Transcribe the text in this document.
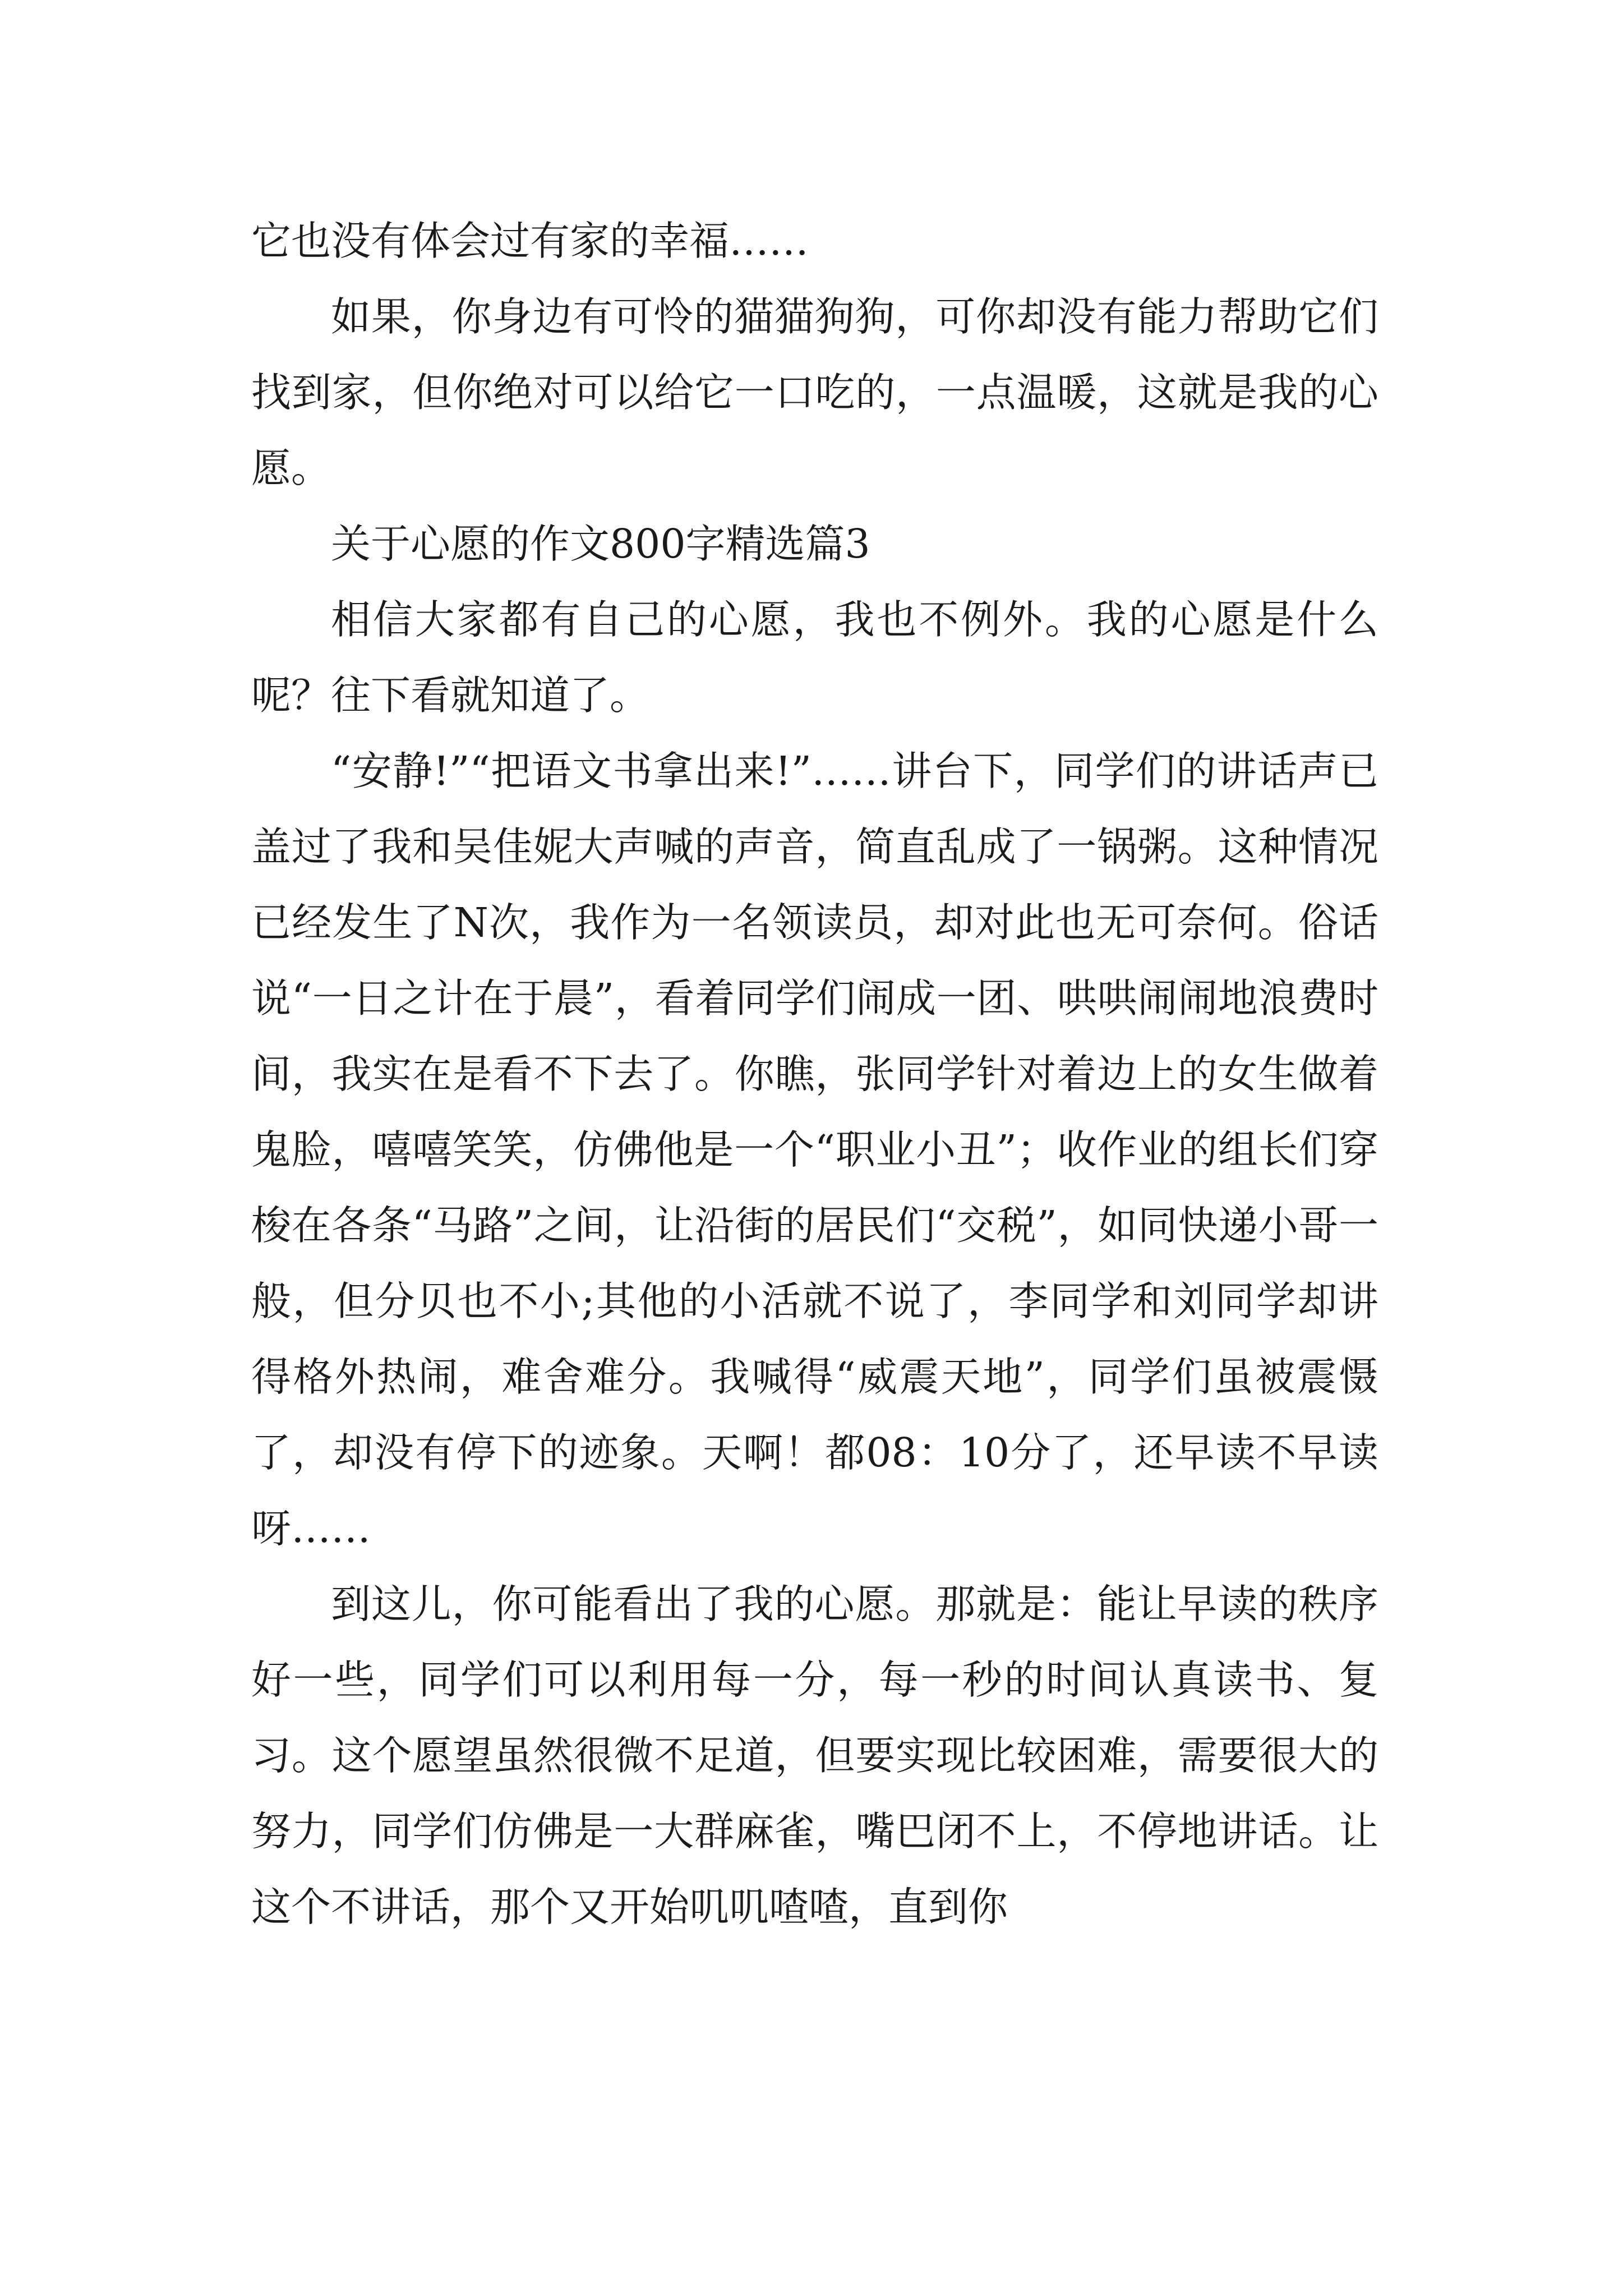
它也没有体会过有家的幸福……

如果，你身边有可怜的猫猫狗狗，可你却没有能力帮助它们找到家，但你绝对可以给它一口吃的，一点温暖，这就是我的心愿。

关于心愿的作文800字精选篇3

相信大家都有自己的心愿，我也不例外。我的心愿是什么呢？往下看就知道了。

“安静!”“把语文书拿出来!”……讲台下，同学们的讲话声已盖过了我和吴佳妮大声喊的声音，简直乱成了一锅粥。这种情况已经发生了N次，我作为一名领读员，却对此也无可奈何。俗话说“一日之计在于晨”，看着同学们闹成一团、哄哄闹闹地浪费时间，我实在是看不下去了。你瞧，张同学针对着边上的女生做着鬼脸，嘻嘻笑笑，仿佛他是一个“职业小丑”；收作业的组长们穿梭在各条“马路”之间，让沿街的居民们“交税”，如同快递小哥一般，但分贝也不小;其他的小活就不说了，李同学和刘同学却讲得格外热闹，难舍难分。我喊得“威震天地”，同学们虽被震慑了，却没有停下的迹象。天啊！都08：10分了，还早读不早读呀……

到这儿，你可能看出了我的心愿。那就是：能让早读的秩序好一些，同学们可以利用每一分，每一秒的时间认真读书、复习。这个愿望虽然很微不足道，但要实现比较困难，需要很大的努力，同学们仿佛是一大群麻雀，嘴巴闭不上，不停地讲话。让这个不讲话，那个又开始叽叽喳喳，直到你
